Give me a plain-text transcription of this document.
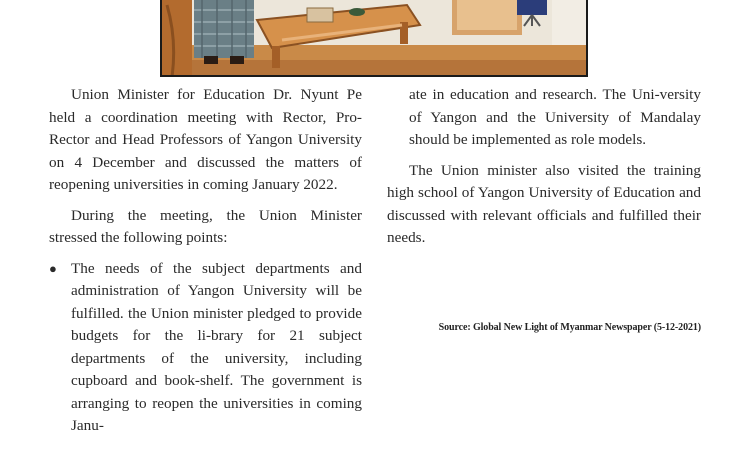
Union Minister for Education Dr. Nyunt Pe held a coordination meeting with Rector, Pro-Rector and Head Professors of Yangon University on 4 December and discussed the matters of reopening universities in coming January 2022.

During the meeting, the Union Minister stressed the following points:

● The needs of the subject departments and administration of Yangon University will be fulfilled. the Union minister pledged to provide budgets for the li-brary for 21 subject departments of the university, including cupboard and book-shelf. The government is arranging to reopen the universities in coming Janu-

ate in education and research. The Uni-versity of Yangon and the University of Mandalay should be implemented as role models.

The Union minister also visited the training high school of Yangon University of Education and discussed with relevant officials and fulfilled their needs.

Source: Global New Light of Myanmar Newspaper (5-12-2021)
